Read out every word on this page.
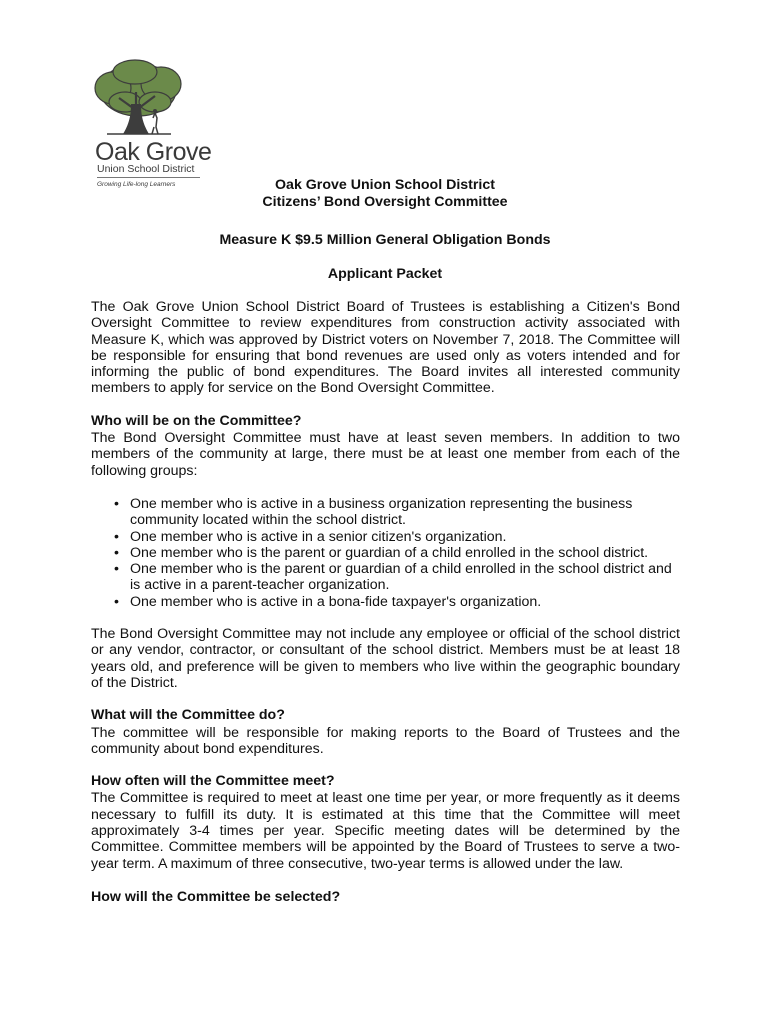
Oak Grove
Union School District
Growing Life-long Learners	Oak Grove Union School District
Citizens’ Bond Oversight Committee
Measure K $9.5 Million General Obligation Bonds
Applicant Packet

The Oak Grove Union School District Board of Trustees is establishing a Citizen's Bond Oversight Committee to review expenditures from construction activity associated with Measure K, which was approved by District voters on November 7, 2018. The Committee will be responsible for ensuring that bond revenues are used only as voters intended and for informing the public of bond expenditures. The Board invites all interested community members to apply for service on the Bond Oversight Committee.

Who will be on the Committee?

The Bond Oversight Committee must have at least seven members. In addition to two members of the community at large, there must be at least one member from each of the following groups:

• One member who is active in a business organization representing the business community located within the school district.
• One member who is active in a senior citizen's organization.
• One member who is the parent or guardian of a child enrolled in the school district.
• One member who is the parent or guardian of a child enrolled in the school district and is active in a parent-teacher organization.
• One member who is active in a bona-fide taxpayer's organization.

The Bond Oversight Committee may not include any employee or official of the school district or any vendor, contractor, or consultant of the school district. Members must be at least 18 years old, and preference will be given to members who live within the geographic boundary of the District.

What will the Committee do?

The committee will be responsible for making reports to the Board of Trustees and the community about bond expenditures.

How often will the Committee meet?

The Committee is required to meet at least one time per year, or more frequently as it deems necessary to fulfill its duty. It is estimated at this time that the Committee will meet approximately 3-4 times per year. Specific meeting dates will be determined by the Committee. Committee members will be appointed by the Board of Trustees to serve a two-year term. A maximum of three consecutive, two-year terms is allowed under the law.

How will the Committee be selected?
